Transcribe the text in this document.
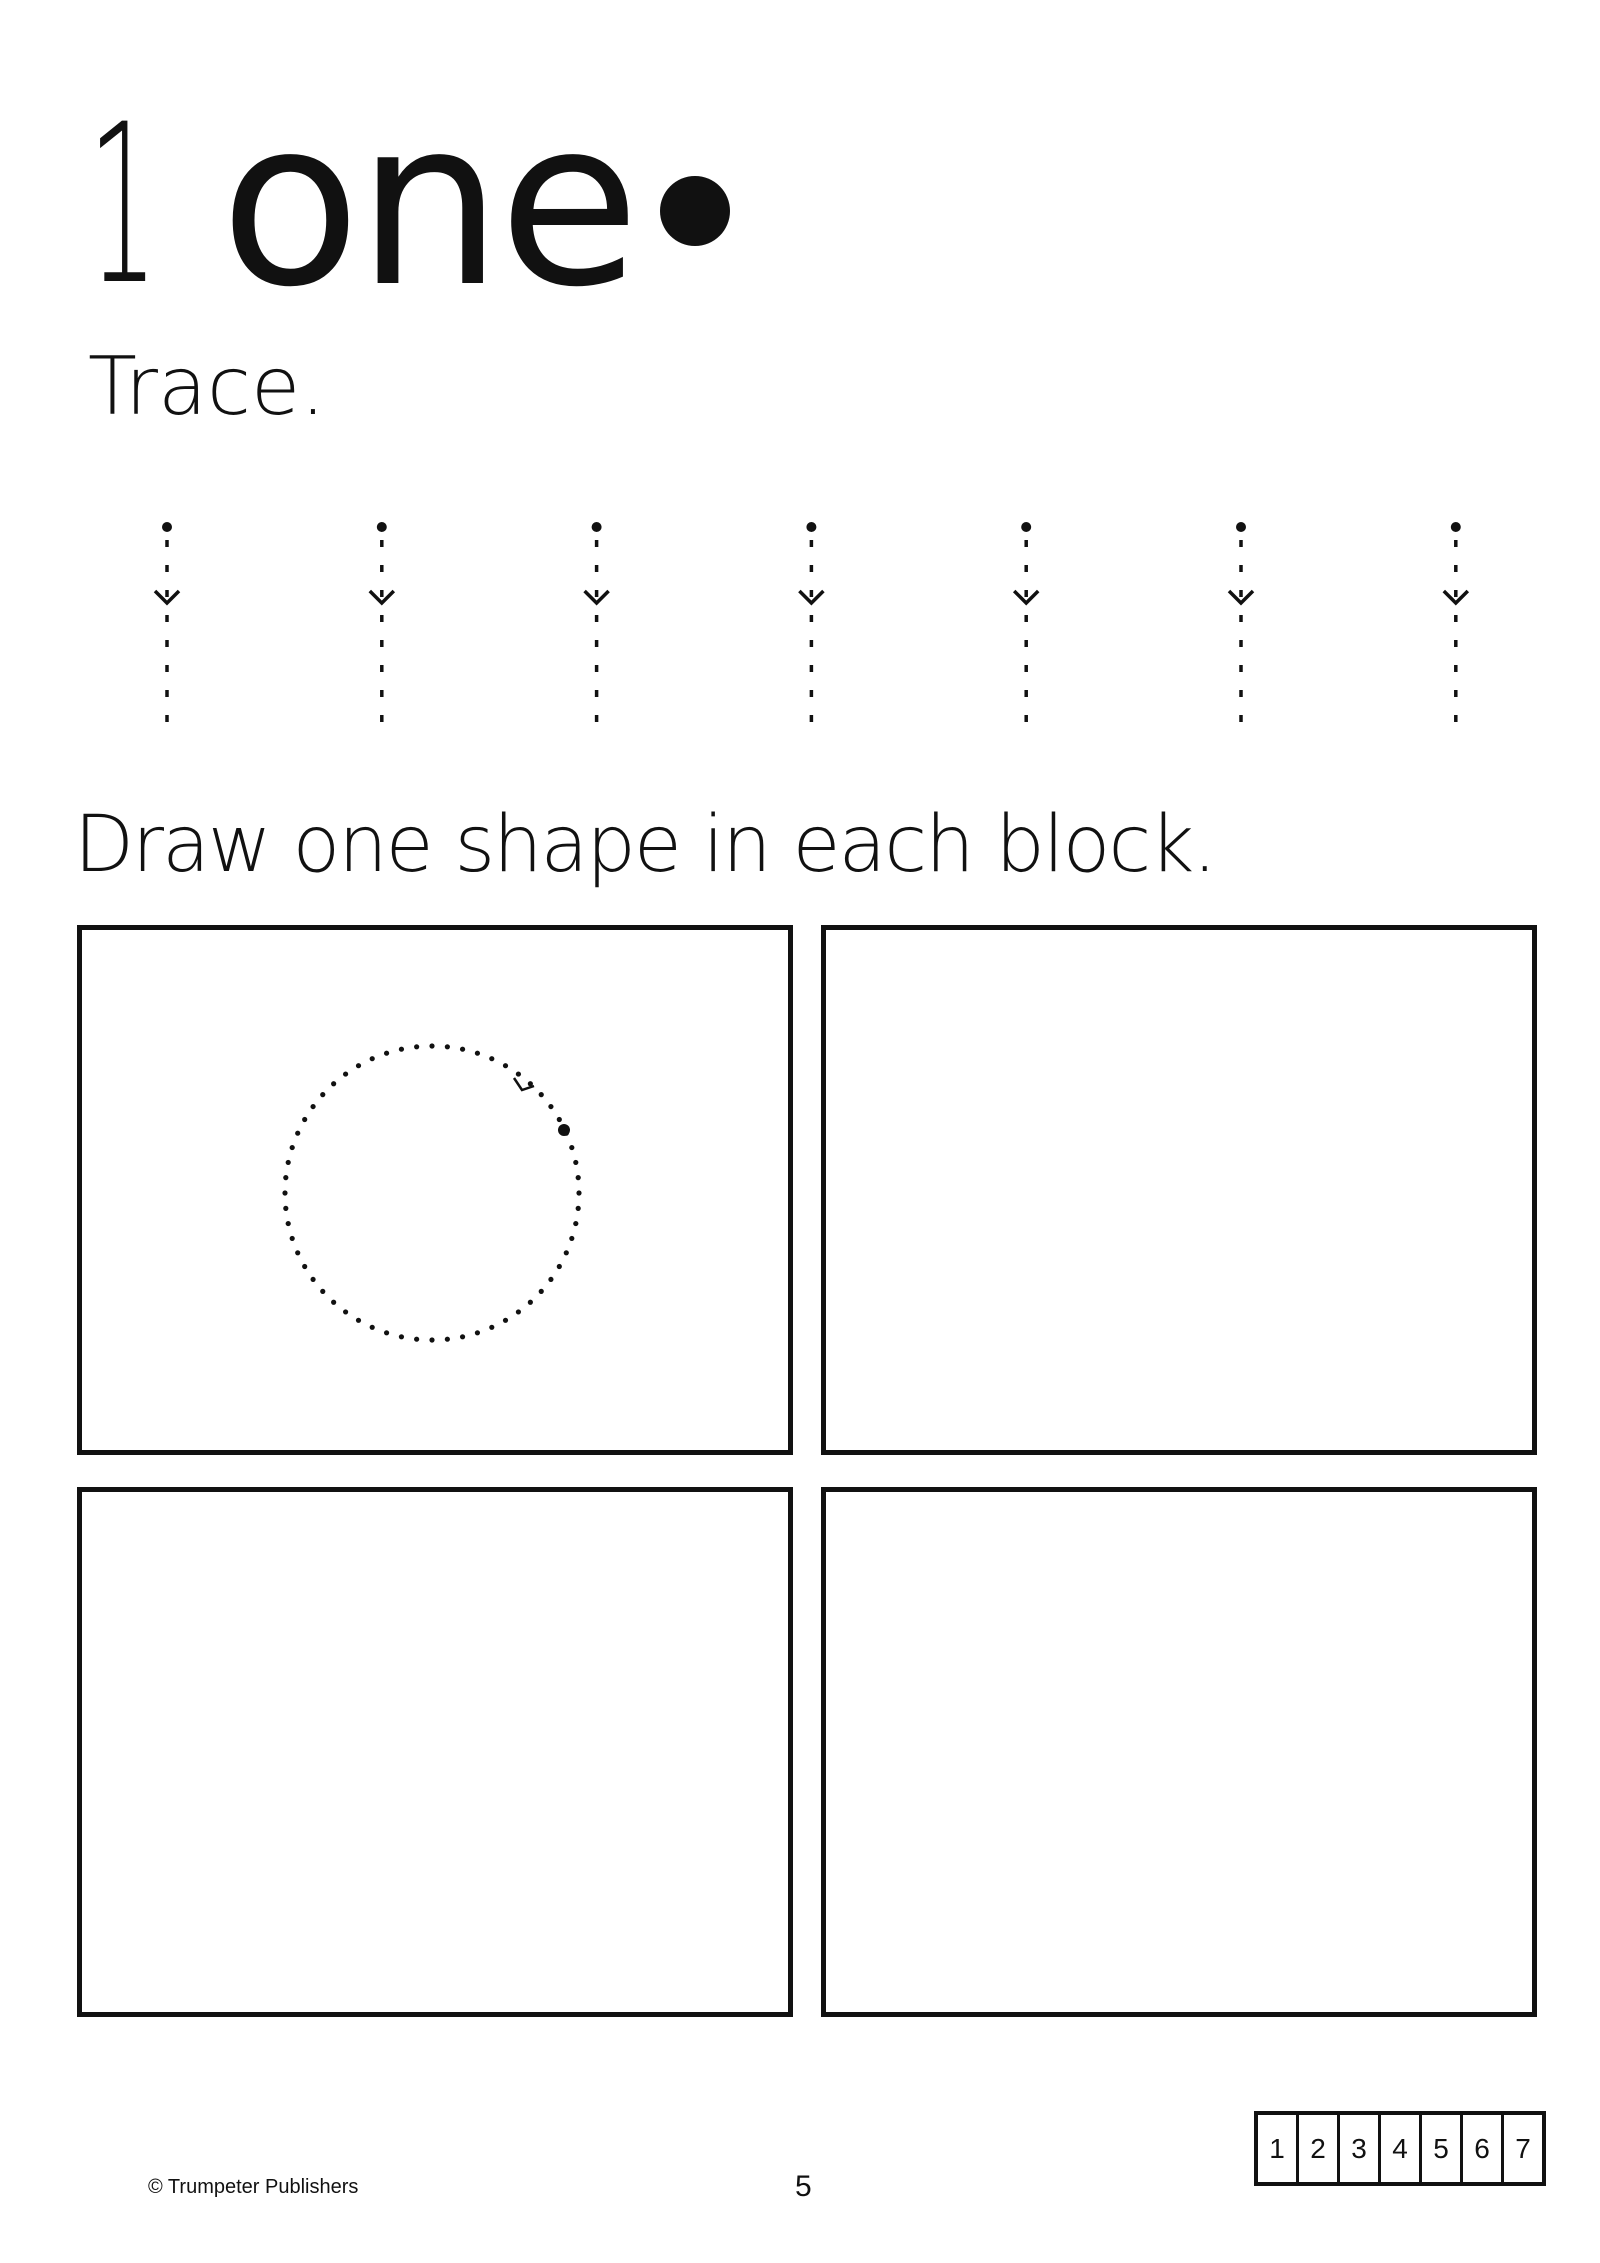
1 one
Trace.
Draw one shape in each block.
© Trumpeter Publishers	5
1 2 3 4 5 6 7
